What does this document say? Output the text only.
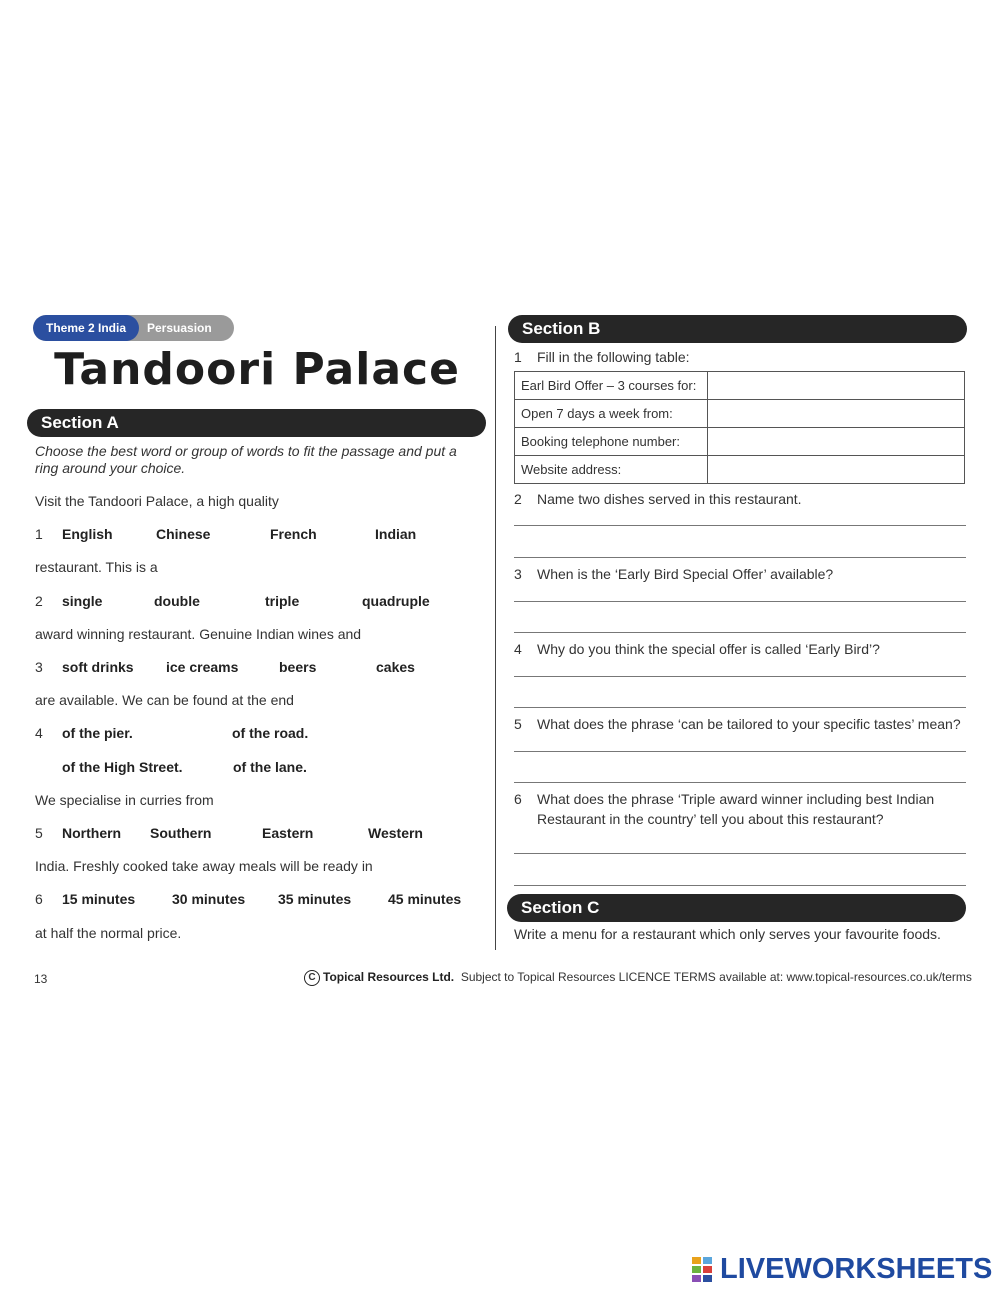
Theme 2 India	Persuasion
Tandoori Palace
Section A
Choose the best word or group of words to fit the passage and put a
ring around your choice.
Visit the Tandoori Palace, a high quality
1 English	Chinese	French	Indian
restaurant. This is a
2 single	double	triple	quadruple
award winning restaurant. Genuine Indian wines and
3 soft drinks ice creams	beers	cakes
are available. We can be found at the end
4 of the pier.	of the road.
of the High Street.	of the lane.
We specialise in curries from
5 Northern Southern	Eastern	Western
India. Freshly cooked take away meals will be ready in
6 15 minutes	30 minutes 35 minutes	45 minutes
at half the normal price.
Section B
1 Fill in the following table:
Earl Bird Offer – 3 courses for:	
Open 7 days a week from:	
Booking telephone number:	
Website address:	
2 Name two dishes served in this restaurant.
3 When is the ‘Early Bird Special Offer’ available?
4 Why do you think the special offer is called ‘Early Bird’?
5 What does the phrase ‘can be tailored to your specific tastes’ mean?
6 What does the phrase ‘Triple award winner including best Indian
Restaurant in the country’ tell you about this restaurant?
Section C
Write a menu for a restaurant which only serves your favourite foods.
13	C Topical Resources Ltd. Subject to Topical Resources LICENCE TERMS available at: www.topical-resources.co.uk/terms
LIVEWORKSHEETS
